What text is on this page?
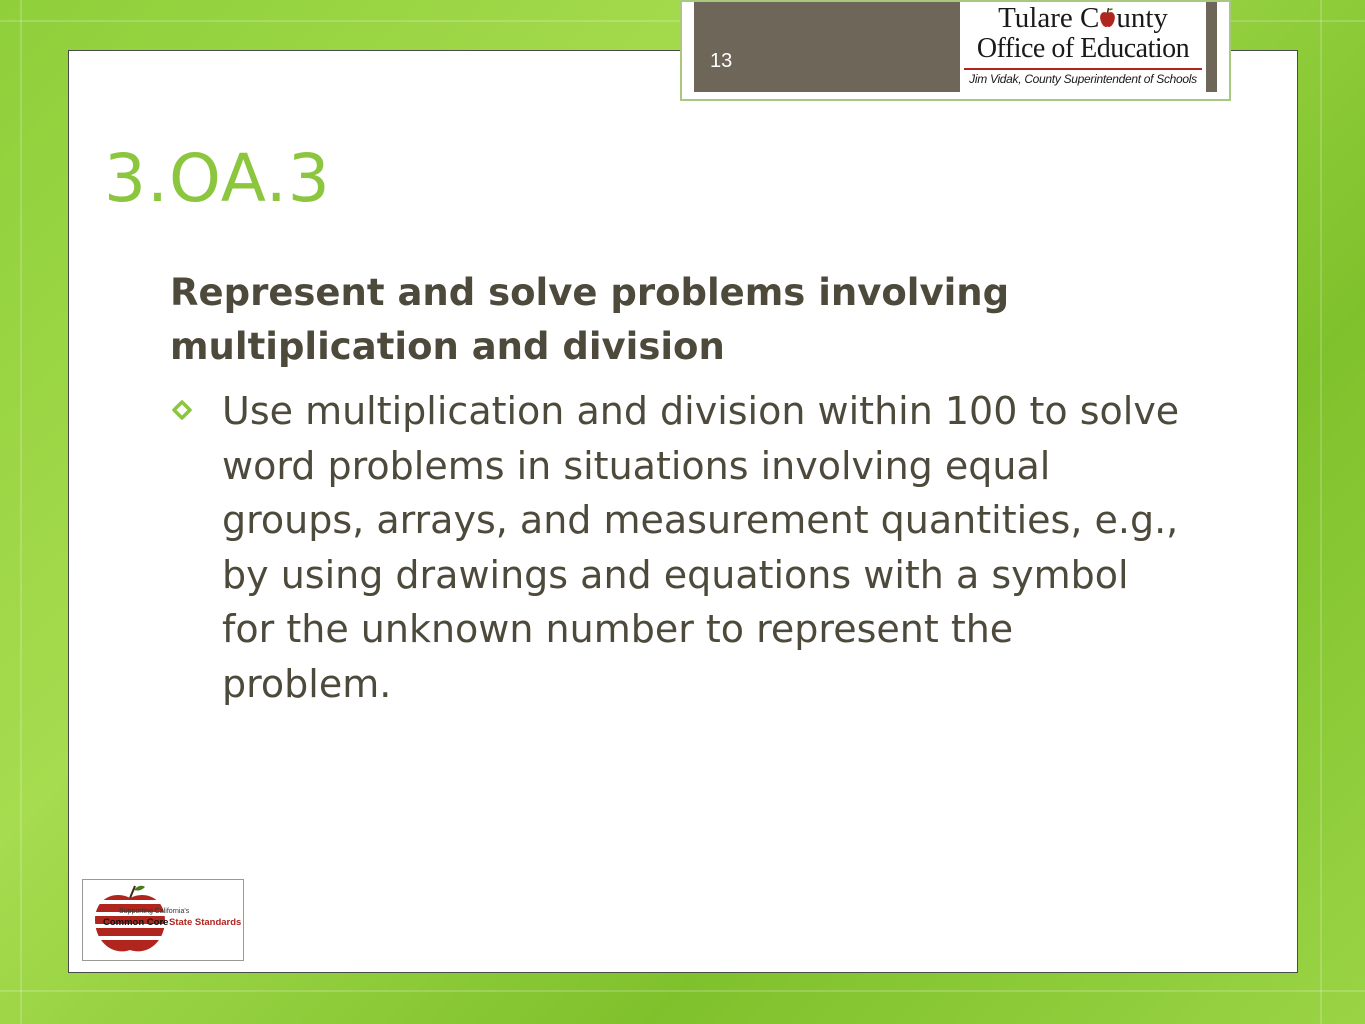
13
Tulare C unty
Office of Education
Jim Vidak, County Superintendent of Schools
3.OA.3

Represent and solve problems involving multiplication and division

Use multiplication and division within 100 to solve word problems in situations involving equal groups, arrays, and measurement quantities, e.g., by using drawings and equations with a symbol for the unknown number to represent the problem.

Supporting California's
Common Core State Standards
